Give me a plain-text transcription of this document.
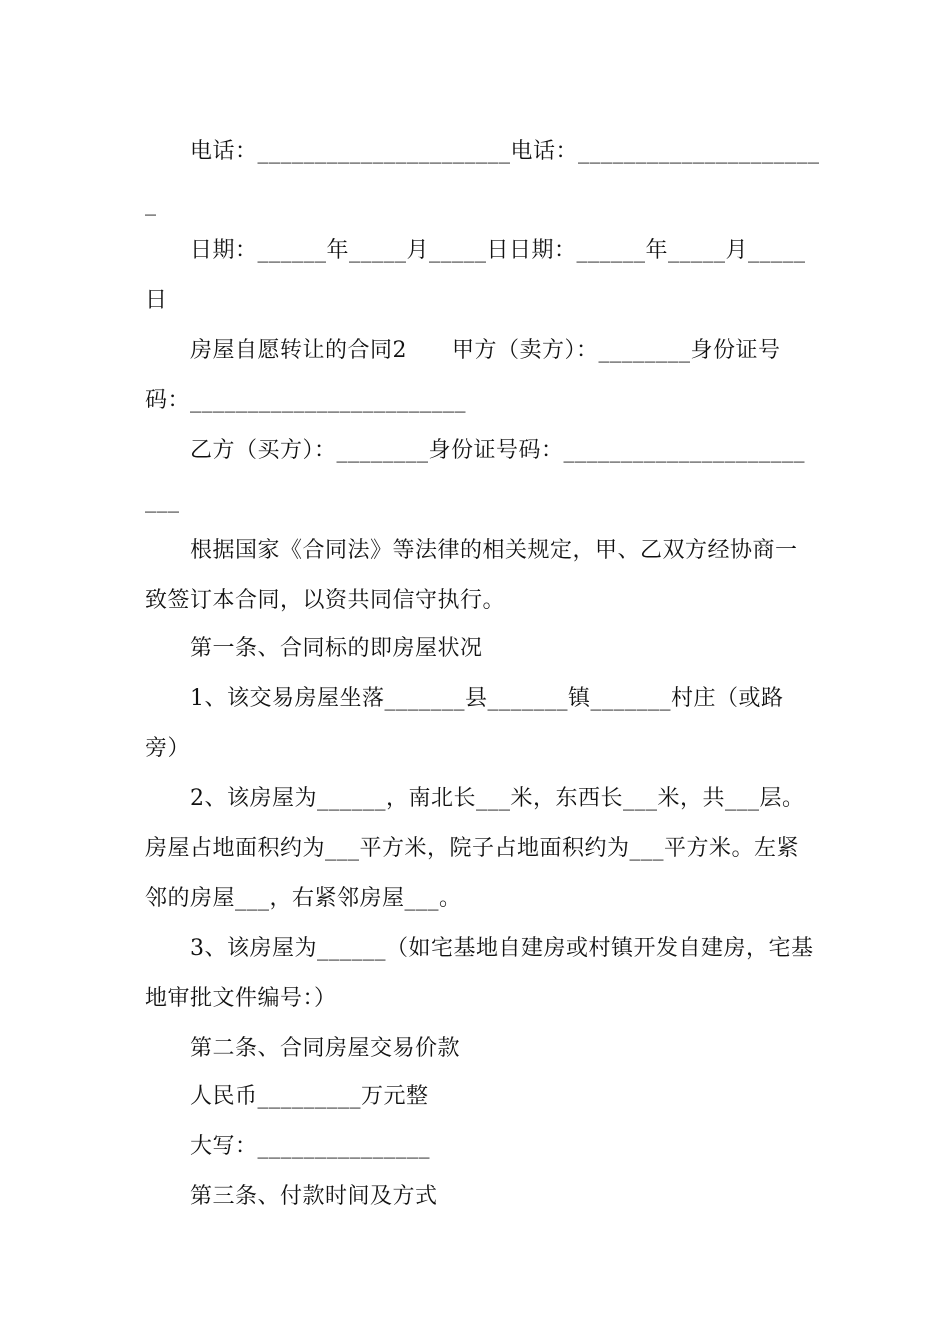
电话：______________________电话：_____________________
_
日期：______年_____月_____日日期：______年_____月_____
日
房屋自愿转让的合同2　　甲方（卖方）：________身份证号
码：________________________
乙方（买方）：________身份证号码：_____________________
___
根据国家《合同法》等法律的相关规定，甲、乙双方经协商一
致签订本合同，以资共同信守执行。
第一条、合同标的即房屋状况
1、该交易房屋坐落_______县_______镇_______村庄（或路
旁）
2、该房屋为______，南北长___米，东西长___米，共___层。
房屋占地面积约为___平方米，院子占地面积约为___平方米。左紧
邻的房屋___，右紧邻房屋___。
3、该房屋为______（如宅基地自建房或村镇开发自建房，宅基
地审批文件编号：）
第二条、合同房屋交易价款
人民币_________万元整
大写：_______________
第三条、付款时间及方式
